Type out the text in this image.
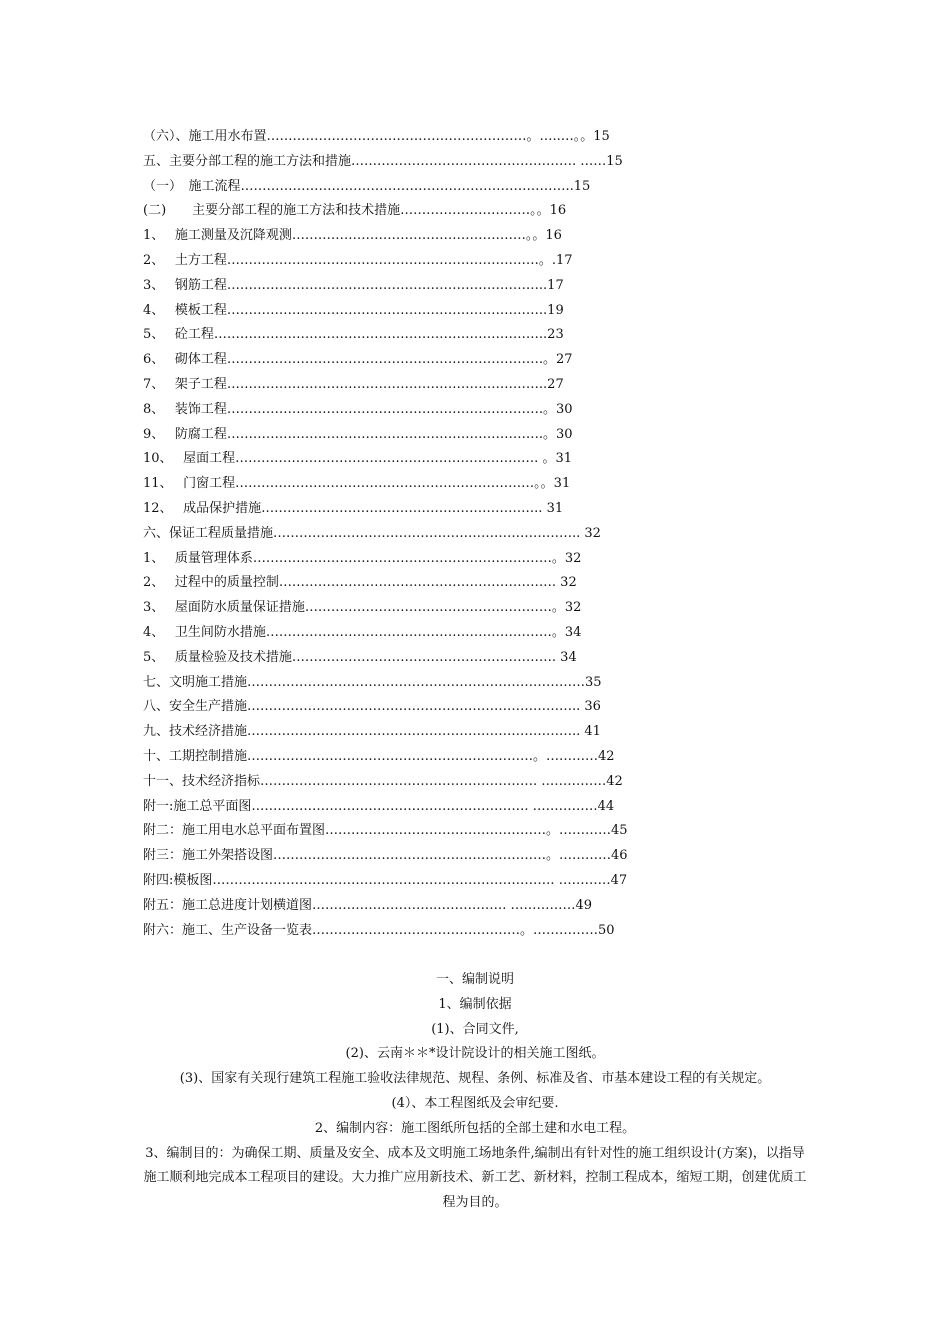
（六）、施工用水布置……………………………………………………。…..…。。15
五、主要分部工程的施工方法和措施……………………………………………. ……15
（一）　施工流程…………………………………………………………………..15
(二)　　主要分部工程的施工方法和技术措施…………………………。。16
1、　 施工测量及沉降观测………………………………………………。。16
2、　 土方工程………………………………………………………………。.17
3、　 钢筋工程………………………………………………………………..17
4、　 模板工程………………………………………………………………..19
5、　 砼工程…………………………………………………………………..23
6、　 砌体工程……………………………………………………………….。27
7、　 架子工程………………………………………………………………..27
8、　 装饰工程……………………………………………………………….。30
9、　 防腐工程……………………………………………………………….。30
10、　 屋面工程……………………………………………………………. 。31
11、　 门窗工程……………………………………………………………。。31
12、　 成品保护措施……………………………………………………….. 31
六、保证工程质量措施…………………………………………………………….. 32
1、　 质量管理体系……………………………………………………………。32
2、　 过程中的质量控制………………………………………………………. 32
3、　 屋面防水质量保证措施…………………………………………………。32
4、　 卫生间防水措施…………………………………………………………。34
5、　 质量检验及技术措施……………………………………………………. 34
七、文明施工措施……………………………………………………………………35
八、安全生产措施………………………………………………………………….. 36
九、技术经济措施………………………………………………………………….. 41
十、工期控制措施…………………………………………………………。…………42
十一、技术经济指标………………………………………………………. ……………42
附一:施工总平面图………………………………………………………. ……………44
附二：施工用电水总平面布置图……………………………………………。…………45
附三：施工外架搭设图………………………………………………………。…………46
附四:模板图……………………………………………………………………. …………47
附五：施工总进度计划横道图………………………..……………. ……………49
附六：施工、生产设备一览表…………………………………………。……………50
一、编制说明
1、编制依据
(1)、合同文件,
(2)、云南＊＊*设计院设计的相关施工图纸。
(3)、国家有关现行建筑工程施工验收法律规范、规程、条例、标准及省、市基本建设工程的有关规定。
(4）、本工程图纸及会审纪要.
2、编制内容：施工图纸所包括的全部土建和水电工程。
3、编制目的：为确保工期、质量及安全、成本及文明施工场地条件,编制出有针对性的施工组织设计(方案)，以指导施工顺利地完成本工程项目的建设。大力推广应用新技术、新工艺、新材料，控制工程成本，缩短工期，创建优质工程为目的。
